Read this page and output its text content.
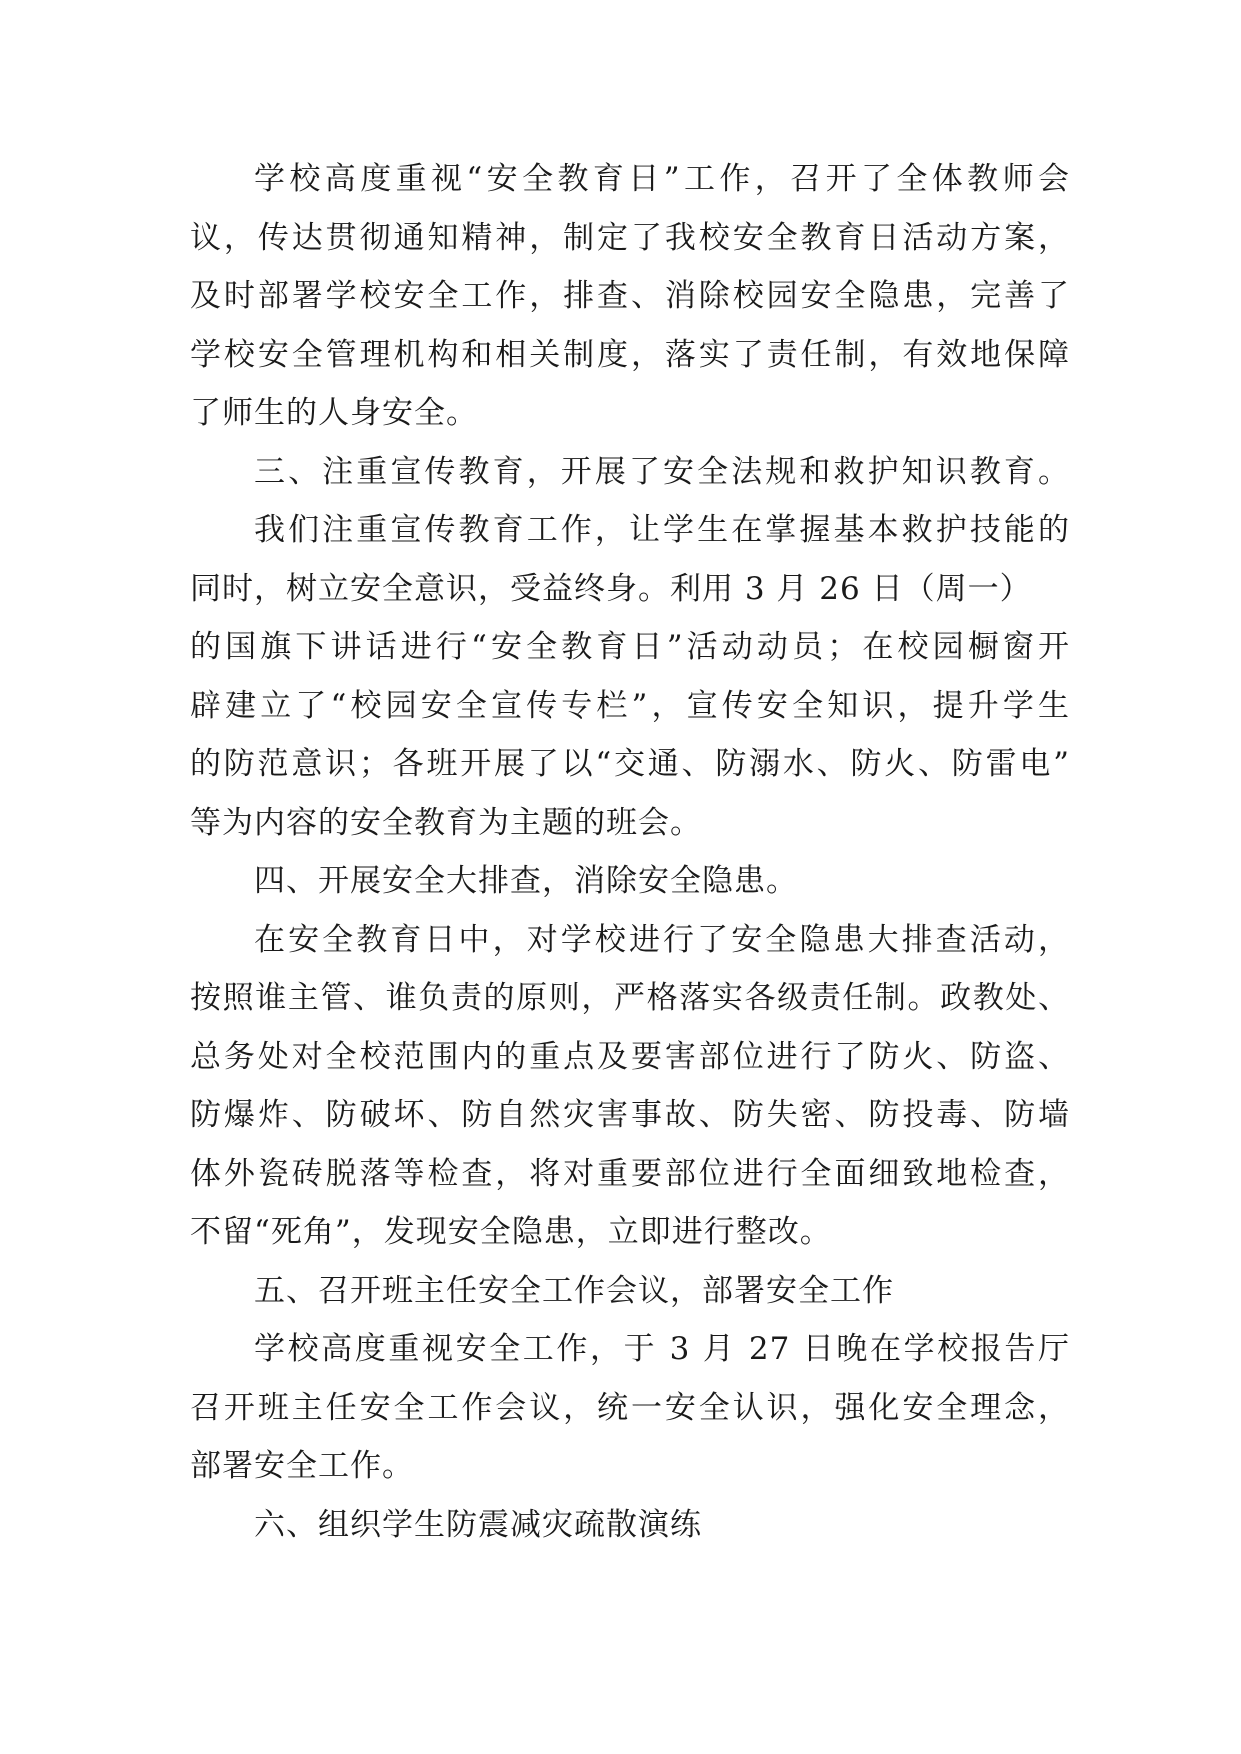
学校高度重视“安全教育日”工作，召开了全体教师会
议，传达贯彻通知精神，制定了我校安全教育日活动方案，
及时部署学校安全工作，排查、消除校园安全隐患，完善了
学校安全管理机构和相关制度，落实了责任制，有效地保障
了师生的人身安全。
三、注重宣传教育，开展了安全法规和救护知识教育。
我们注重宣传教育工作，让学生在掌握基本救护技能的
同时，树立安全意识，受益终身。利用 3 月 26 日（周一）
的国旗下讲话进行“安全教育日”活动动员；在校园橱窗开
辟建立了“校园安全宣传专栏”，宣传安全知识，提升学生
的防范意识；各班开展了以“交通、防溺水、防火、防雷电”
等为内容的安全教育为主题的班会。
四、开展安全大排查，消除安全隐患。
在安全教育日中，对学校进行了安全隐患大排查活动，
按照谁主管、谁负责的原则，严格落实各级责任制。政教处、
总务处对全校范围内的重点及要害部位进行了防火、防盗、
防爆炸、防破坏、防自然灾害事故、防失密、防投毒、防墙
体外瓷砖脱落等检查，将对重要部位进行全面细致地检查，
不留“死角”，发现安全隐患，立即进行整改。
五、召开班主任安全工作会议，部署安全工作
学校高度重视安全工作，于 3 月 27 日晚在学校报告厅
召开班主任安全工作会议，统一安全认识，强化安全理念，
部署安全工作。
六、组织学生防震减灾疏散演练
